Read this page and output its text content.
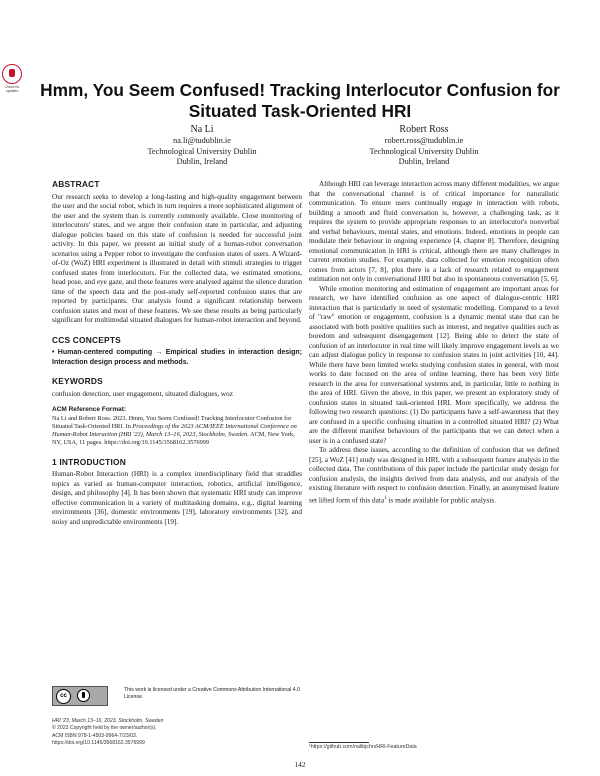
Check for updates	Hmm, You Seem Confused! Tracking Interlocutor Confusion for Situated Task-Oriented HRI
Na Li
na.li@tudublin.ie
Technological University Dublin
Dublin, Ireland
Robert Ross
robert.ross@tudublin.ie
Technological University Dublin
Dublin, Ireland
ABSTRACT

Our research seeks to develop a long-lasting and high-quality engagement between the user and the social robot, which in turn requires a more sophisticated alignment of the user and the system than is currently commonly available. Close monitoring of interlocutors' states, and we argue their confusion state in particular, and adjusting dialogue policies based on this state of confusion is needed for successful joint activity. In this paper, we present an initial study of a human-robot conversation scenarios using a Pepper robot to investigate the confusion states of users. A Wizard-of-Oz (WoZ) HRI experiment is illustrated in detail with stimuli strategies to trigger confused states from interlocutors. For the collected data, we estimated emotions, head pose, and eye gaze, and these features were analysed against the silence duration time of the speech data and the post-study self-reported confusion states that are reported by participants. Our analysis found a significant relationship between confusion states and most of these features. We see these results as being particularly significant for multimodal situated dialogues for human-robot interaction and beyond.

CCS CONCEPTS

• Human-centered computing → Empirical studies in interaction design; Interaction design process and methods.

KEYWORDS

confusion detection, user engagement, situated dialogues, woz

ACM Reference Format:

Na Li and Robert Ross. 2023. Hmm, You Seem Confused! Tracking Interlocutor Confusion for Situated Task-Oriented HRI. In Proceedings of the 2023 ACM/IEEE International Conference on Human-Robot Interaction (HRI '23), March 13–16, 2023, Stockholm, Sweden. ACM, New York, NY, USA, 11 pages. https://doi.org/10.1145/3568162.3576999

1 INTRODUCTION

Human-Robot Interaction (HRI) is a complex interdisciplinary field that straddles topics as varied as human-computer interaction, robotics, artificial intelligence, design, and philosophy [4]. It has been shown that systematic HRI study can improve effective communication in a variety of multitasking domains, e.g., digital learning environments [36], domestic environments [19], laboratory environments [32], and noisy and unpredictable environments [19].

cc
This work is licensed under a Creative Commons Attribution International 4.0 License.
HRI '23, March 13–16, 2023, Stockholm, Sweden
© 2023 Copyright held by the owner/author(s).
ACM ISBN 978-1-4503-9964-7/23/03.
https://doi.org/10.1145/3568162.3576999

Although HRI can leverage interaction across many different modalities, we argue that the conversational channel is of critical importance for naturalistic communication. To ensure users continually engage in interaction with robots, building a smooth and fluid conversation is, however, a challenging task, as it requires the system to provide appropriate responses to an interlocutor's nonverbal and verbal behaviours, mental states, and emotions. Indeed, emotions in people can modulate their behaviour in ongoing experience [4, chapter 8]. Therefore, designing emotional communication in HRI is critical, although there are many challenges in current emotion studies. For example, data collected for emotion recognition often comes from actors [7, 8], plus there is a lack of research related to engagement estimation not only in conversational HRI but also in spontaneous conversation [5, 6].

While emotion monitoring and estimation of engagement are important areas for research, we have identified confusion as one aspect of dialogue-centric HRI interaction that is particularly in need of systematic modelling. Compared to a level of "raw" emotion or engagement, confusion is a dynamic mental state that can be associated with both positive qualities such as interest, and negative qualities such as boredom and subsequent disengagement [12]. Being able to detect the state of confusion of an interlocutor in real time will likely improve engagement levels as we can adjust dialogue policy in response to confusion states in joint activities [10, 44]. While there have been limited works studying confusion states in general, with most works to date focused on the area of online learning, there has been very little research in the area for conversational systems and, in particular, little to nothing in the area of HRI. Given the above, in this paper, we present an exploratory study of confusion states in situated task-oriented HRI. More specifically, we address the following two research questions: (1) Do participants have a self-awareness that they are confused in a specific confusing situation in a controlled situated HRI? (2) What are the different manifest behaviours of the participants that we can detect when a user is in a confused state?

To address these issues, according to the definition of confusion that we defined [25], a WoZ [41] study was designed in HRI, with a subsequent feature analysis in the collected data. The contributions of this paper include the particular study design for confusion analysis, the insights derived from data analysis, and our analysis of the existing literature with respect to confusion detection. Finally, an anonymised feature set lifted form of this data$^1$ is made available for public analysis.

¹https://github.com/nalibjchn/HRI-FeatureData
142
